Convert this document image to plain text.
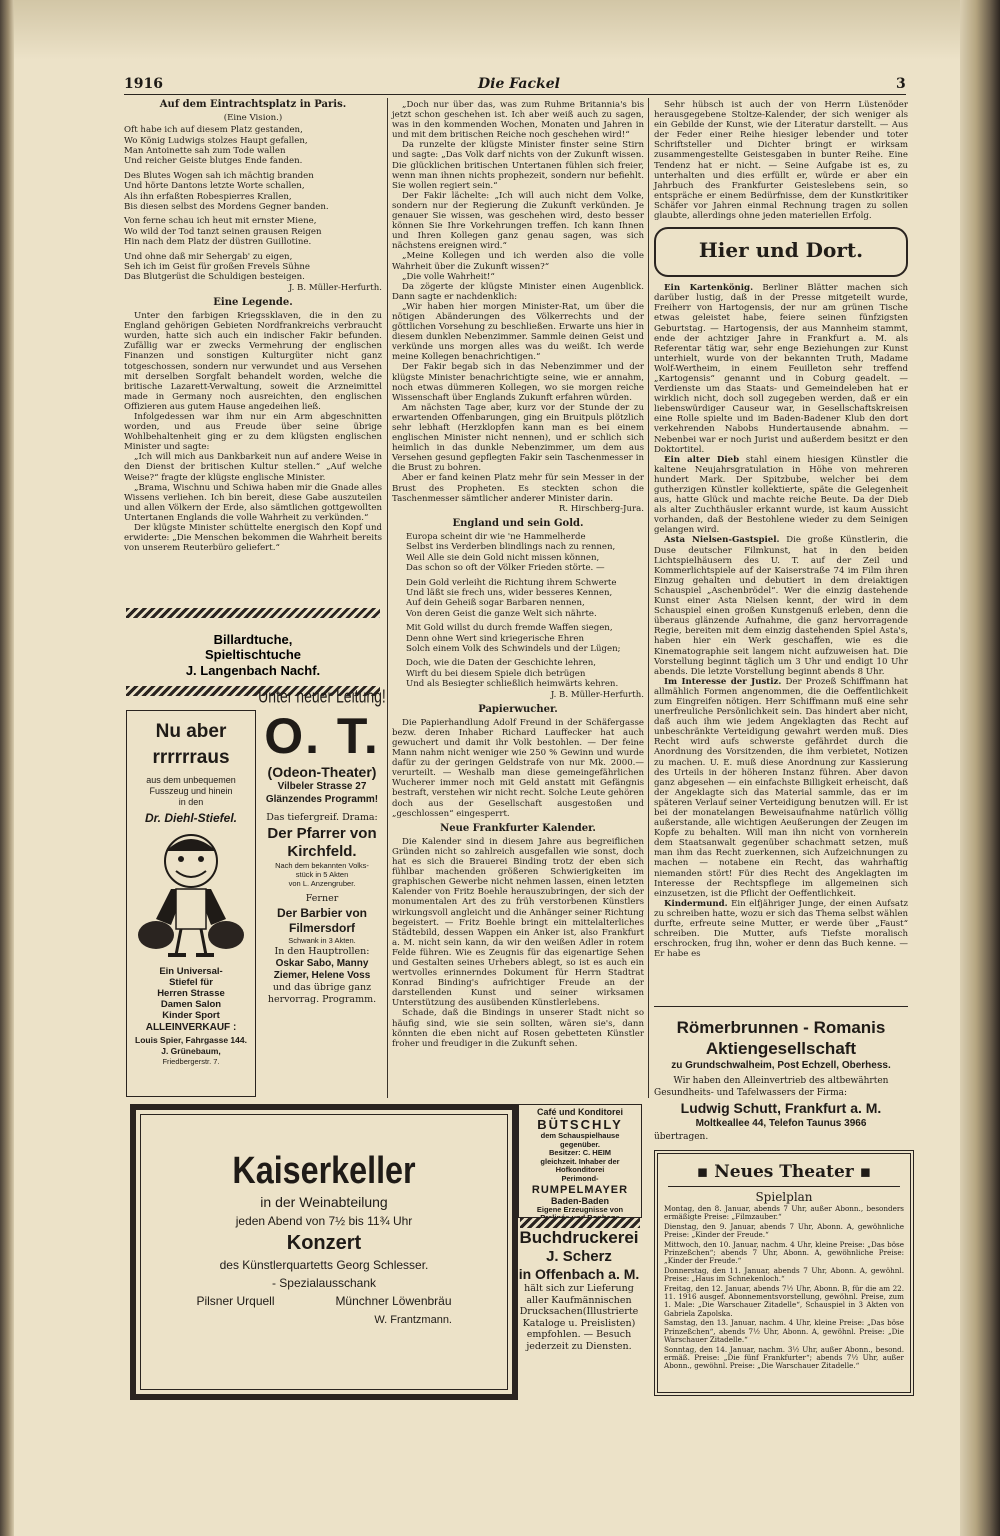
1916	Die Fackel	3
Auf dem Eintrachtsplatz in Paris.
(Eine Vision.)
Oft habe ich auf diesem Platz gestanden,
Wo König Ludwigs stolzes Haupt gefallen,
Man Antoinette sah zum Tode wallen
Und reicher Geiste blutges Ende fanden.
Des Blutes Wogen sah ich mächtig branden
Und hörte Dantons letzte Worte schallen,
Als ihn erfaßten Robespierres Krallen,
Bis diesen selbst des Mordens Gegner banden.
Von ferne schau ich heut mit ernster Miene,
Wo wild der Tod tanzt seinen grausen Reigen
Hin nach dem Platz der düstren Guillotine.
Und ohne daß mir Sehergab' zu eigen,
Seh ich im Geist für großen Frevels Sühne
Das Blutgerüst die Schuldigen besteigen.

J. B. Müller-Herfurth.

Eine Legende.

Unter den farbigen Kriegssklaven, die in den zu England gehörigen Gebieten Nordfrankreichs verbraucht wurden, hatte sich auch ein indischer Fakir befunden. Zufällig war er zwecks Vermehrung der englischen Finanzen und sonstigen Kulturgüter nicht ganz totgeschossen, sondern nur verwundet und aus Versehen mit derselben Sorgfalt behandelt worden, welche die britische Lazarett-Verwaltung, soweit die Arzneimittel made in Germany noch ausreichten, den englischen Offizieren aus gutem Hause angedeihen ließ.

Infolgedessen war ihm nur ein Arm abgeschnitten worden, und aus Freude über seine übrige Wohlbehaltenheit ging er zu dem klügsten englischen Minister und sagte:

„Ich will mich aus Dankbarkeit nun auf andere Weise in den Dienst der britischen Kultur stellen.“ „Auf welche Weise?“ fragte der klügste englische Minister.

„Brama, Wischnu und Schiwa haben mir die Gnade alles Wissens verliehen. Ich bin bereit, diese Gabe auszuteilen und allen Völkern der Erde, also sämtlichen gottgewollten Untertanen Englands die volle Wahrheit zu verkünden.“

Der klügste Minister schüttelte energisch den Kopf und erwiderte: „Die Menschen bekommen die Wahrheit bereits von unserem Reuterbüro geliefert.“

Billardtuche,
Spieltischtuche
J. Langenbach Nachf.
Nu aber
rrrrrraus
aus dem unbequemen
Fusszeug und hinein
in den
Dr. Diehl-Stiefel.
Ein Universal-
Stiefel für
Herren Strasse
Damen Salon
Kinder Sport
ALLEINVERKAUF :
Louis Spier, Fahrgasse 144.
J. Grünebaum,
Friedbergerstr. 7.
Unter neuer Leitung!
O. T.
(Odeon-Theater)
Vilbeler Strasse 27
Glänzendes Programm!
Das tiefergreif. Drama:
Der Pfarrer von
Kirchfeld.
Nach dem bekannten Volks-
stück in 5 Akten
von L. Anzengruber.
Ferner
Der Barbier von
Filmersdorf
Schwank in 3 Akten.
In den Hauptrollen:
Oskar Sabo, Manny
Ziemer, Helene Voss
und das übrige ganz
hervorrag. Programm.

„Doch nur über das, was zum Ruhme Britannia's bis jetzt schon geschehen ist. Ich aber weiß auch zu sagen, was in den kommenden Wochen, Monaten und Jahren in und mit dem britischen Reiche noch geschehen wird!“

Da runzelte der klügste Minister finster seine Stirn und sagte: „Das Volk darf nichts von der Zukunft wissen. Die glücklichen britischen Untertanen fühlen sich freier, wenn man ihnen nichts prophezeit, sondern nur befiehlt. Sie wollen regiert sein.“

Der Fakir lächelte: „Ich will auch nicht dem Volke, sondern nur der Regierung die Zukunft verkünden. Je genauer Sie wissen, was geschehen wird, desto besser können Sie Ihre Vorkehrungen treffen. Ich kann Ihnen und Ihren Kollegen ganz genau sagen, was sich nächstens ereignen wird.“

„Meine Kollegen und ich werden also die volle Wahrheit über die Zukunft wissen?“

„Die volle Wahrheit!“

Da zögerte der klügste Minister einen Augenblick. Dann sagte er nachdenklich:

„Wir haben hier morgen Minister-Rat, um über die nötigen Abänderungen des Völkerrechts und der göttlichen Vorsehung zu beschließen. Erwarte uns hier in diesem dunklen Nebenzimmer. Sammle deinen Geist und verkünde uns morgen alles was du weißt. Ich werde meine Kollegen benachrichtigen.“

Der Fakir begab sich in das Nebenzimmer und der klügste Minister benachrichtigte seine, wie er annahm, noch etwas dümmeren Kollegen, wo sie morgen reiche Wissenschaft über Englands Zukunft erfahren würden.

Am nächsten Tage aber, kurz vor der Stunde der zu erwartenden Offenbarungen, ging ein Bruitpuls plötzlich sehr lebhaft (Herzklopfen kann man es bei einem englischen Minister nicht nennen), und er schlich sich heimlich in das dunkle Nebenzimmer, um dem aus Versehen gesund gepflegten Fakir sein Taschenmesser in die Brust zu bohren.

Aber er fand keinen Platz mehr für sein Messer in der Brust des Propheten. Es steckten schon die Taschenmesser sämtlicher anderer Minister darin.

R. Hirschberg-Jura.

England und sein Gold.
Europa scheint dir wie 'ne Hammelherde
Selbst ins Verderben blindlings nach zu rennen,
Weil Alle sie dein Gold nicht missen können,
Das schon so oft der Völker Frieden störte. —
Dein Gold verleiht die Richtung ihrem Schwerte
Und läßt sie frech uns, wider besseres Kennen,
Auf dein Geheiß sogar Barbaren nennen,
Von deren Geist die ganze Welt sich nährte.
Mit Gold willst du durch fremde Waffen siegen,
Denn ohne Wert sind kriegerische Ehren
Solch einem Volk des Schwindels und der Lügen;
Doch, wie die Daten der Geschichte lehren,
Wirft du bei diesem Spiele dich betrügen
Und als Besiegter schließlich heimwärts kehren.

J. B. Müller-Herfurth.

Papierwucher.

Die Papierhandlung Adolf Freund in der Schäfergasse bezw. deren Inhaber Richard Lauffecker hat auch gewuchert und damit ihr Volk bestohlen. — Der feine Mann nahm nicht weniger wie 250 % Gewinn und wurde dafür zu der geringen Geldstrafe von nur Mk. 2000.— verurteilt. — Weshalb man diese gemeingefährlichen Wucherer immer noch mit Geld anstatt mit Gefängnis bestraft, verstehen wir nicht recht. Solche Leute gehören doch aus der Gesellschaft ausgestoßen und „geschlossen“ eingesperrt.

Neue Frankfurter Kalender.

Die Kalender sind in diesem Jahre aus begreiflichen Gründen nicht so zahlreich ausgefallen wie sonst, doch hat es sich die Brauerei Binding trotz der eben sich fühlbar machenden größeren Schwierigkeiten im graphischen Gewerbe nicht nehmen lassen, einen letzten Kalender von Fritz Boehle herauszubringen, der sich der monumentalen Art des zu früh verstorbenen Künstlers wirkungsvoll angleicht und die Anhänger seiner Richtung begeistert. — Fritz Boehle bringt ein mittelalterliches Städtebild, dessen Wappen ein Anker ist, also Frankfurt a. M. nicht sein kann, da wir den weißen Adler in rotem Felde führen. Wie es Zeugnis für das eigenartige Sehen und Gestalten seines Urhebers ablegt, so ist es auch ein wertvolles erinnerndes Dokument für Herrn Stadtrat Konrad Binding's aufrichtiger Freude an der darstellenden Kunst und seiner wirksamen Unterstützung des ausübenden Künstlerlebens.

Schade, daß die Bindings in unserer Stadt nicht so häufig sind, wie sie sein sollten, wären sie's, dann könnten die eben nicht auf Rosen gebetteten Künstler froher und freudiger in die Zukunft sehen.

Sehr hübsch ist auch der von Herrn Lüstenöder herausgegebene Stoltze-Kalender, der sich weniger als ein Gebilde der Kunst, wie der Literatur darstellt. — Aus der Feder einer Reihe hiesiger lebender und toter Schriftsteller und Dichter bringt er wirksam zusammengestellte Geistesgaben in bunter Reihe. Eine Tendenz hat er nicht. — Seine Aufgabe ist es, zu unterhalten und dies erfüllt er, würde er aber ein Jahrbuch des Frankfurter Geisteslebens sein, so entspräche er einem Bedürfnisse, dem der Kunstkritiker Schäfer vor Jahren einmal Rechnung tragen zu sollen glaubte, allerdings ohne jeden materiellen Erfolg.

Hier und Dort.

Ein Kartenkönig. Berliner Blätter machen sich darüber lustig, daß in der Presse mitgeteilt wurde, Freiherr von Hartogensis, der nur am grünen Tische etwas geleistet habe, feiere seinen fünfzigsten Geburtstag. — Hartogensis, der aus Mannheim stammt, ende der achtziger Jahre in Frankfurt a. M. als Referentar tätig war, sehr enge Beziehungen zur Kunst unterhielt, wurde von der bekannten Truth, Madame Wolf-Wertheim, in einem Feuilleton sehr treffend „Kartogensis“ genannt und in Coburg geadelt. — Verdienste um das Staats- und Gemeindeleben hat er wirklich nicht, doch soll zugegeben werden, daß er ein liebenswürdiger Causeur war, in Gesellschaftskreisen eine Rolle spielte und im Baden-Badener Klub den dort verkehrenden Nabobs Hundertausende abnahm. — Nebenbei war er noch Jurist und außerdem besitzt er den Doktortitel.

Ein alter Dieb stahl einem hiesigen Künstler die kaltene Neujahrsgratulation in Höhe von mehreren hundert Mark. Der Spitzbube, welcher bei dem gutherzigen Künstler kollektierte, späte die Gelegenheit aus, hatte Glück und machte reiche Beute. Da der Dieb als alter Zuchthäusler erkannt wurde, ist kaum Aussicht vorhanden, daß der Bestohlene wieder zu dem Seinigen gelangen wird.

Asta Nielsen-Gastspiel. Die große Künstlerin, die Duse deutscher Filmkunst, hat in den beiden Lichtspielhäusern des U. T. auf der Zeil und Kommerlichtspiele auf der Kaiserstraße 74 im Film ihren Einzug gehalten und debutiert in dem dreiaktigen Schauspiel „Aschenbrödel“. Wer die einzig dastehende Kunst einer Asta Nielsen kennt, der wird in dem Schauspiel einen großen Kunstgenuß erleben, denn die überaus glänzende Aufnahme, die ganz hervorragende Regie, bereiten mit dem einzig dastehenden Spiel Asta's, haben hier ein Werk geschaffen, wie es die Kinematographie seit langem nicht aufzuweisen hat. Die Vorstellung beginnt täglich um 3 Uhr und endigt 10 Uhr abends. Die letzte Vorstellung beginnt abends 8 Uhr.

Im Interesse der Justiz. Der Prozeß Schiffmann hat allmählich Formen angenommen, die die Oeffentlichkeit zum Eingreifen nötigen. Herr Schiffmann muß eine sehr unerfreuliche Persönlichkeit sein. Das hindert aber nicht, daß auch ihm wie jedem Angeklagten das Recht auf unbeschränkte Verteidigung gewahrt werden muß. Dies Recht wird aufs schwerste gefährdet durch die Anordnung des Vorsitzenden, die ihm verbietet, Notizen zu machen. U. E. muß diese Anordnung zur Kassierung des Urteils in der höheren Instanz führen. Aber davon ganz abgesehen — ein einfachste Billigkeit erheischt, daß der Angeklagte sich das Material sammle, das er im späteren Verlauf seiner Verteidigung benutzen will. Er ist bei der monatelangen Beweisaufnahme natürlich völlig außerstande, alle wichtigen Aeußerungen der Zeugen im Kopfe zu behalten. Will man ihn nicht von vornherein dem Staatsanwalt gegenüber schachmatt setzen, muß man ihm das Recht zuerkennen, sich Aufzeichnungen zu machen — notabene ein Recht, das wahrhaftig niemanden stört! Für dies Recht des Angeklagten im Interesse der Rechtspflege im allgemeinen sich einzusetzen, ist die Pflicht der Oeffentlichkeit.

Kindermund. Ein elfjähriger Junge, der einen Aufsatz zu schreiben hatte, wozu er sich das Thema selbst wählen durfte, erfreute seine Mutter, er werde über „Faust“ schreiben. Die Mutter, aufs Tiefste moralisch erschrocken, frug ihn, woher er denn das Buch kenne. — Er habe es

Römerbrunnen - Romanis
Aktiengesellschaft
zu Grundschwalheim, Post Echzell, Oberhess.
Wir haben den Alleinvertrieb des altbewährten
Gesundheits- und Tafelwassers der Firma:
Ludwig Schutt, Frankfurt a. M.
Moltkeallee 44, Telefon Taunus 3966
übertragen.
Kaiserkeller
in der Weinabteilung
jeden Abend von 7½ bis 11¾ Uhr
Konzert
des Künstlerquartetts Georg Schlesser.
- Spezialausschank
Pilsner Urquell	Münchner Löwenbräu
W. Frantzmann.
Café und Konditorei
BÜTSCHLY
dem Schauspielhause
gegenüber.
Besitzer: C. HEIM
gleichzeit. Inhaber der
Hofkonditorei
Perimond-
RUMPELMAYER
Baden-Baden
Eigene Erzeugnisse von
Buchdruckerei
J. Scherz
in Offenbach a. M.
hält sich zur Lieferung
aller Kaufmännischen
Drucksachen(Illustrierte
Kataloge u. Preislisten)
empfohlen. — Besuch
jederzeit zu Diensten.
▪ Neues Theater ▪
Spielplan

Montag, den 8. Januar, abends 7 Uhr, außer Abonn., besonders ermäßigte Preise: „Filmzauber.“

Dienstag, den 9. Januar, abends 7 Uhr, Abonn. A, gewöhnliche Preise: „Kinder der Freude.“

Mittwoch, den 10. Januar, nachm. 4 Uhr, kleine Preise: „Das böse Prinzeßchen“; abends 7 Uhr, Abonn. A, gewöhnliche Preise: „Kinder der Freude.“

Donnerstag, den 11. Januar, abends 7 Uhr, Abonn. A, gewöhnl. Preise: „Haus im Schnekenloch.“

Freitag, den 12. Januar, abends 7½ Uhr, Abonn. B, für die am 22. 11. 1916 ausgef. Abonnementsvorstellung, gewöhnl. Preise, zum 1. Male: „Die Warschauer Zitadelle“, Schauspiel in 3 Akten von Gabriela Zapolska.

Samstag, den 13. Januar, nachm. 4 Uhr, kleine Preise: „Das böse Prinzeßchen“, abends 7½ Uhr, Abonn. A, gewöhnl. Preise: „Die Warschauer Zitadelle.“

Sonntag, den 14. Januar, nachm. 3½ Uhr, außer Abonn., besond. ermäß. Preise: „Die fünf Frankfurter“; abends 7½ Uhr, außer Abonn., gewöhnl. Preise: „Die Warschauer Zitadelle.“
